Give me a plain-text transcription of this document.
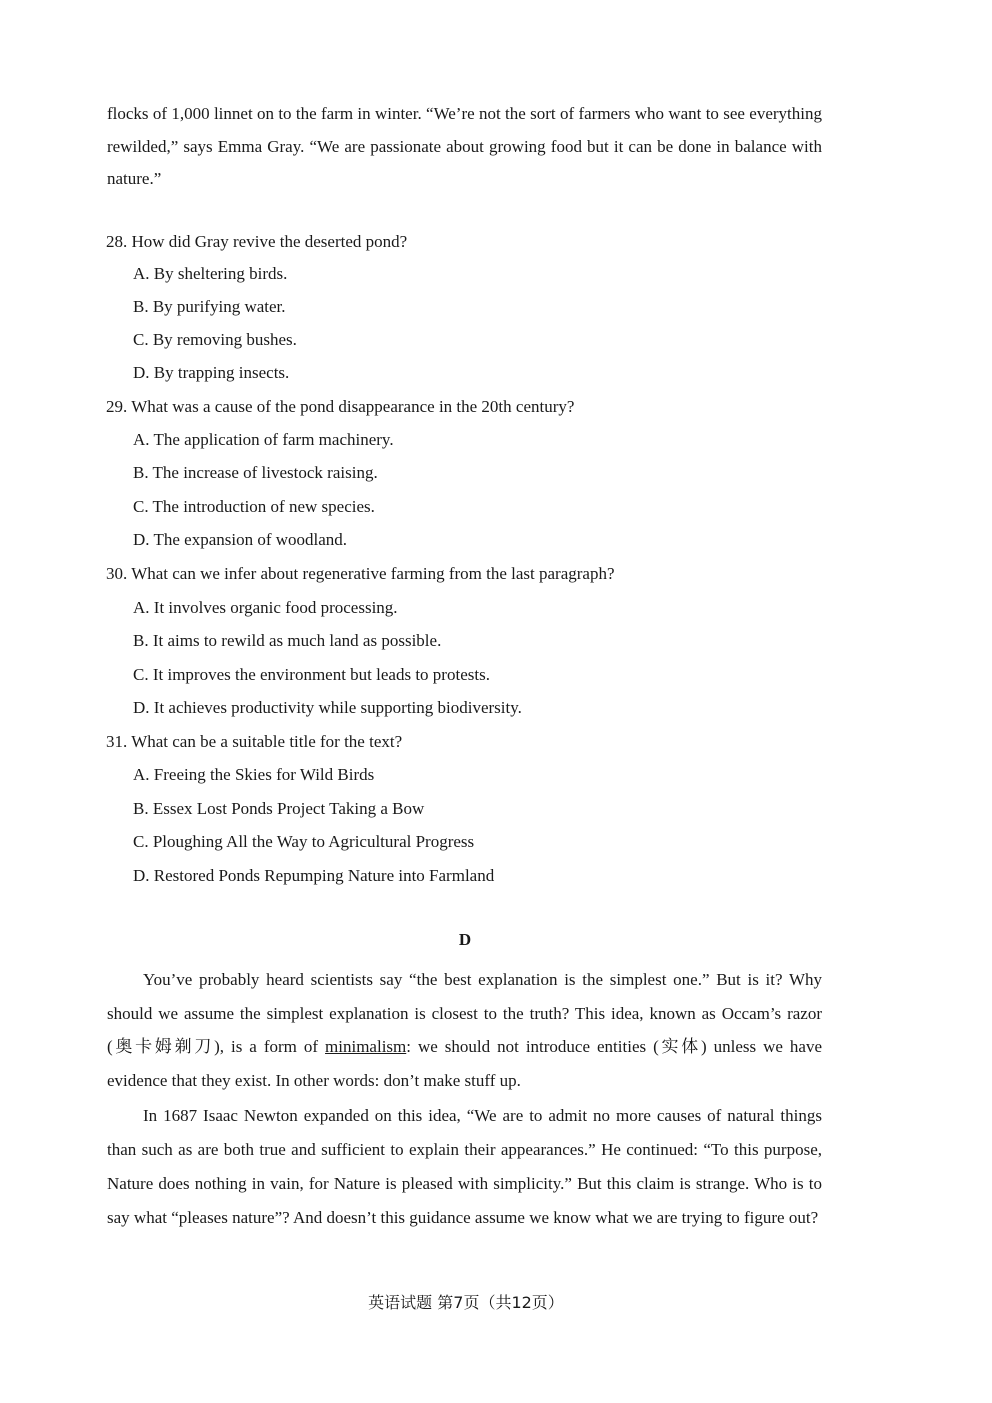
flocks of 1,000 linnet on to the farm in winter. “We’re not the sort of farmers who want to see everything rewilded,” says Emma Gray. “We are passionate about growing food but it can be done in balance with nature.”

28. How did Gray revive the deserted pond?

A. By sheltering birds.

B. By purifying water.

C. By removing bushes.

D. By trapping insects.

29. What was a cause of the pond disappearance in the 20th century?

A. The application of farm machinery.

B. The increase of livestock raising.

C. The introduction of new species.

D. The expansion of woodland.

30. What can we infer about regenerative farming from the last paragraph?

A. It involves organic food processing.

B. It aims to rewild as much land as possible.

C. It improves the environment but leads to protests.

D. It achieves productivity while supporting biodiversity.

31. What can be a suitable title for the text?

A. Freeing the Skies for Wild Birds

B. Essex Lost Ponds Project Taking a Bow

C. Ploughing All the Way to Agricultural Progress

D. Restored Ponds Repumping Nature into Farmland

D

You’ve probably heard scientists say “the best explanation is the simplest one.” But is it? Why should we assume the simplest explanation is closest to the truth? This idea, known as Occam’s razor (奥卡姆剃刀), is a form of minimalism: we should not introduce entities (实体) unless we have evidence that they exist. In other words: don’t make stuff up.

In 1687 Isaac Newton expanded on this idea, “We are to admit no more causes of natural things than such as are both true and sufficient to explain their appearances.” He continued: “To this purpose, Nature does nothing in vain, for Nature is pleased with simplicity.” But this claim is strange. Who is to say what “pleases nature”? And doesn’t this guidance assume we know what we are trying to figure out?

英语试题 第7页（共12页）
